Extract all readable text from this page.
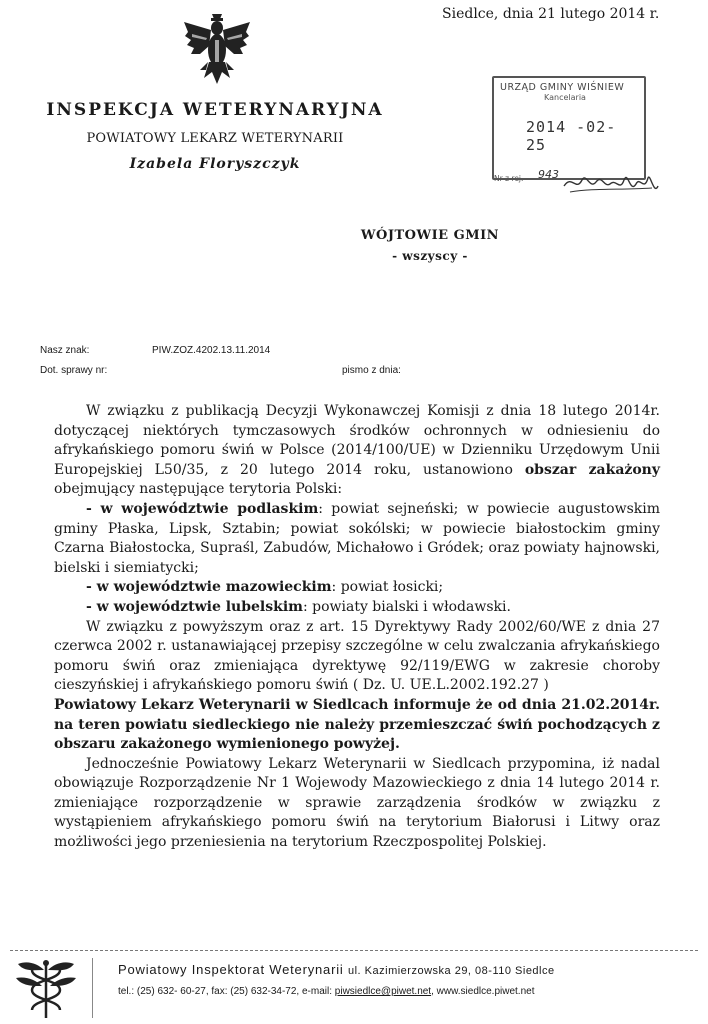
Siedlce, dnia 21 lutego 2014 r.
INSPEKCJA WETERYNARYJNA
POWIATOWY LEKARZ WETERYNARII
Izabela Floryszczyk
URZĄD GMINY WIŚNIEW
Kancelaria
2014 -02- 25
Nr z rej. 943
WÓJTOWIE GMIN
- wszyscy -
Nasz znak:	PIW.ZOZ.4202.13.11.2014
Dot. sprawy nr:	pismo z dnia:

W związku z publikacją Decyzji Wykonawczej Komisji z dnia 18 lutego 2014r. dotyczącej niektórych tymczasowych środków ochronnych w odniesieniu do afrykańskiego pomoru świń w Polsce (2014/100/UE) w Dzienniku Urzędowym Unii Europejskiej L50/35, z 20 lutego 2014 roku, ustanowiono obszar zakażony obejmujący następujące terytoria Polski:

- w województwie podlaskim: powiat sejneński; w powiecie augustowskim gminy Płaska, Lipsk, Sztabin; powiat sokólski; w powiecie białostockim gminy Czarna Białostocka, Supraśl, Zabudów, Michałowo i Gródek; oraz powiaty hajnowski, bielski i siemiatycki;

- w województwie mazowieckim: powiat łosicki;

- w województwie lubelskim: powiaty bialski i włodawski.

W związku z powyższym oraz z art. 15 Dyrektywy Rady 2002/60/WE z dnia 27 czerwca 2002 r. ustanawiającej przepisy szczególne w celu zwalczania afrykańskiego pomoru świń oraz zmieniająca dyrektywę 92/119/EWG w zakresie choroby cieszyńskiej i afrykańskiego pomoru świń ( Dz. U. UE.L.2002.192.27 )

Powiatowy Lekarz Weterynarii w Siedlcach informuje że od dnia 21.02.2014r. na teren powiatu siedleckiego nie należy przemieszczać świń pochodzących z obszaru zakażonego wymienionego powyżej.

Jednocześnie Powiatowy Lekarz Weterynarii w Siedlcach przypomina, iż nadal obowiązuje Rozporządzenie Nr 1 Wojewody Mazowieckiego z dnia 14 lutego 2014 r. zmieniające rozporządzenie w sprawie zarządzenia środków w związku z wystąpieniem afrykańskiego pomoru świń na terytorium Białorusi i Litwy oraz możliwości jego przeniesienia na terytorium Rzeczpospolitej Polskiej.

Powiatowy Inspektorat Weterynarii ul. Kazimierzowska 29, 08-110 Siedlce
tel.: (25) 632- 60-27, fax: (25) 632-34-72, e-mail: piwsiedlce@piwet.net, www.siedlce.piwet.net
